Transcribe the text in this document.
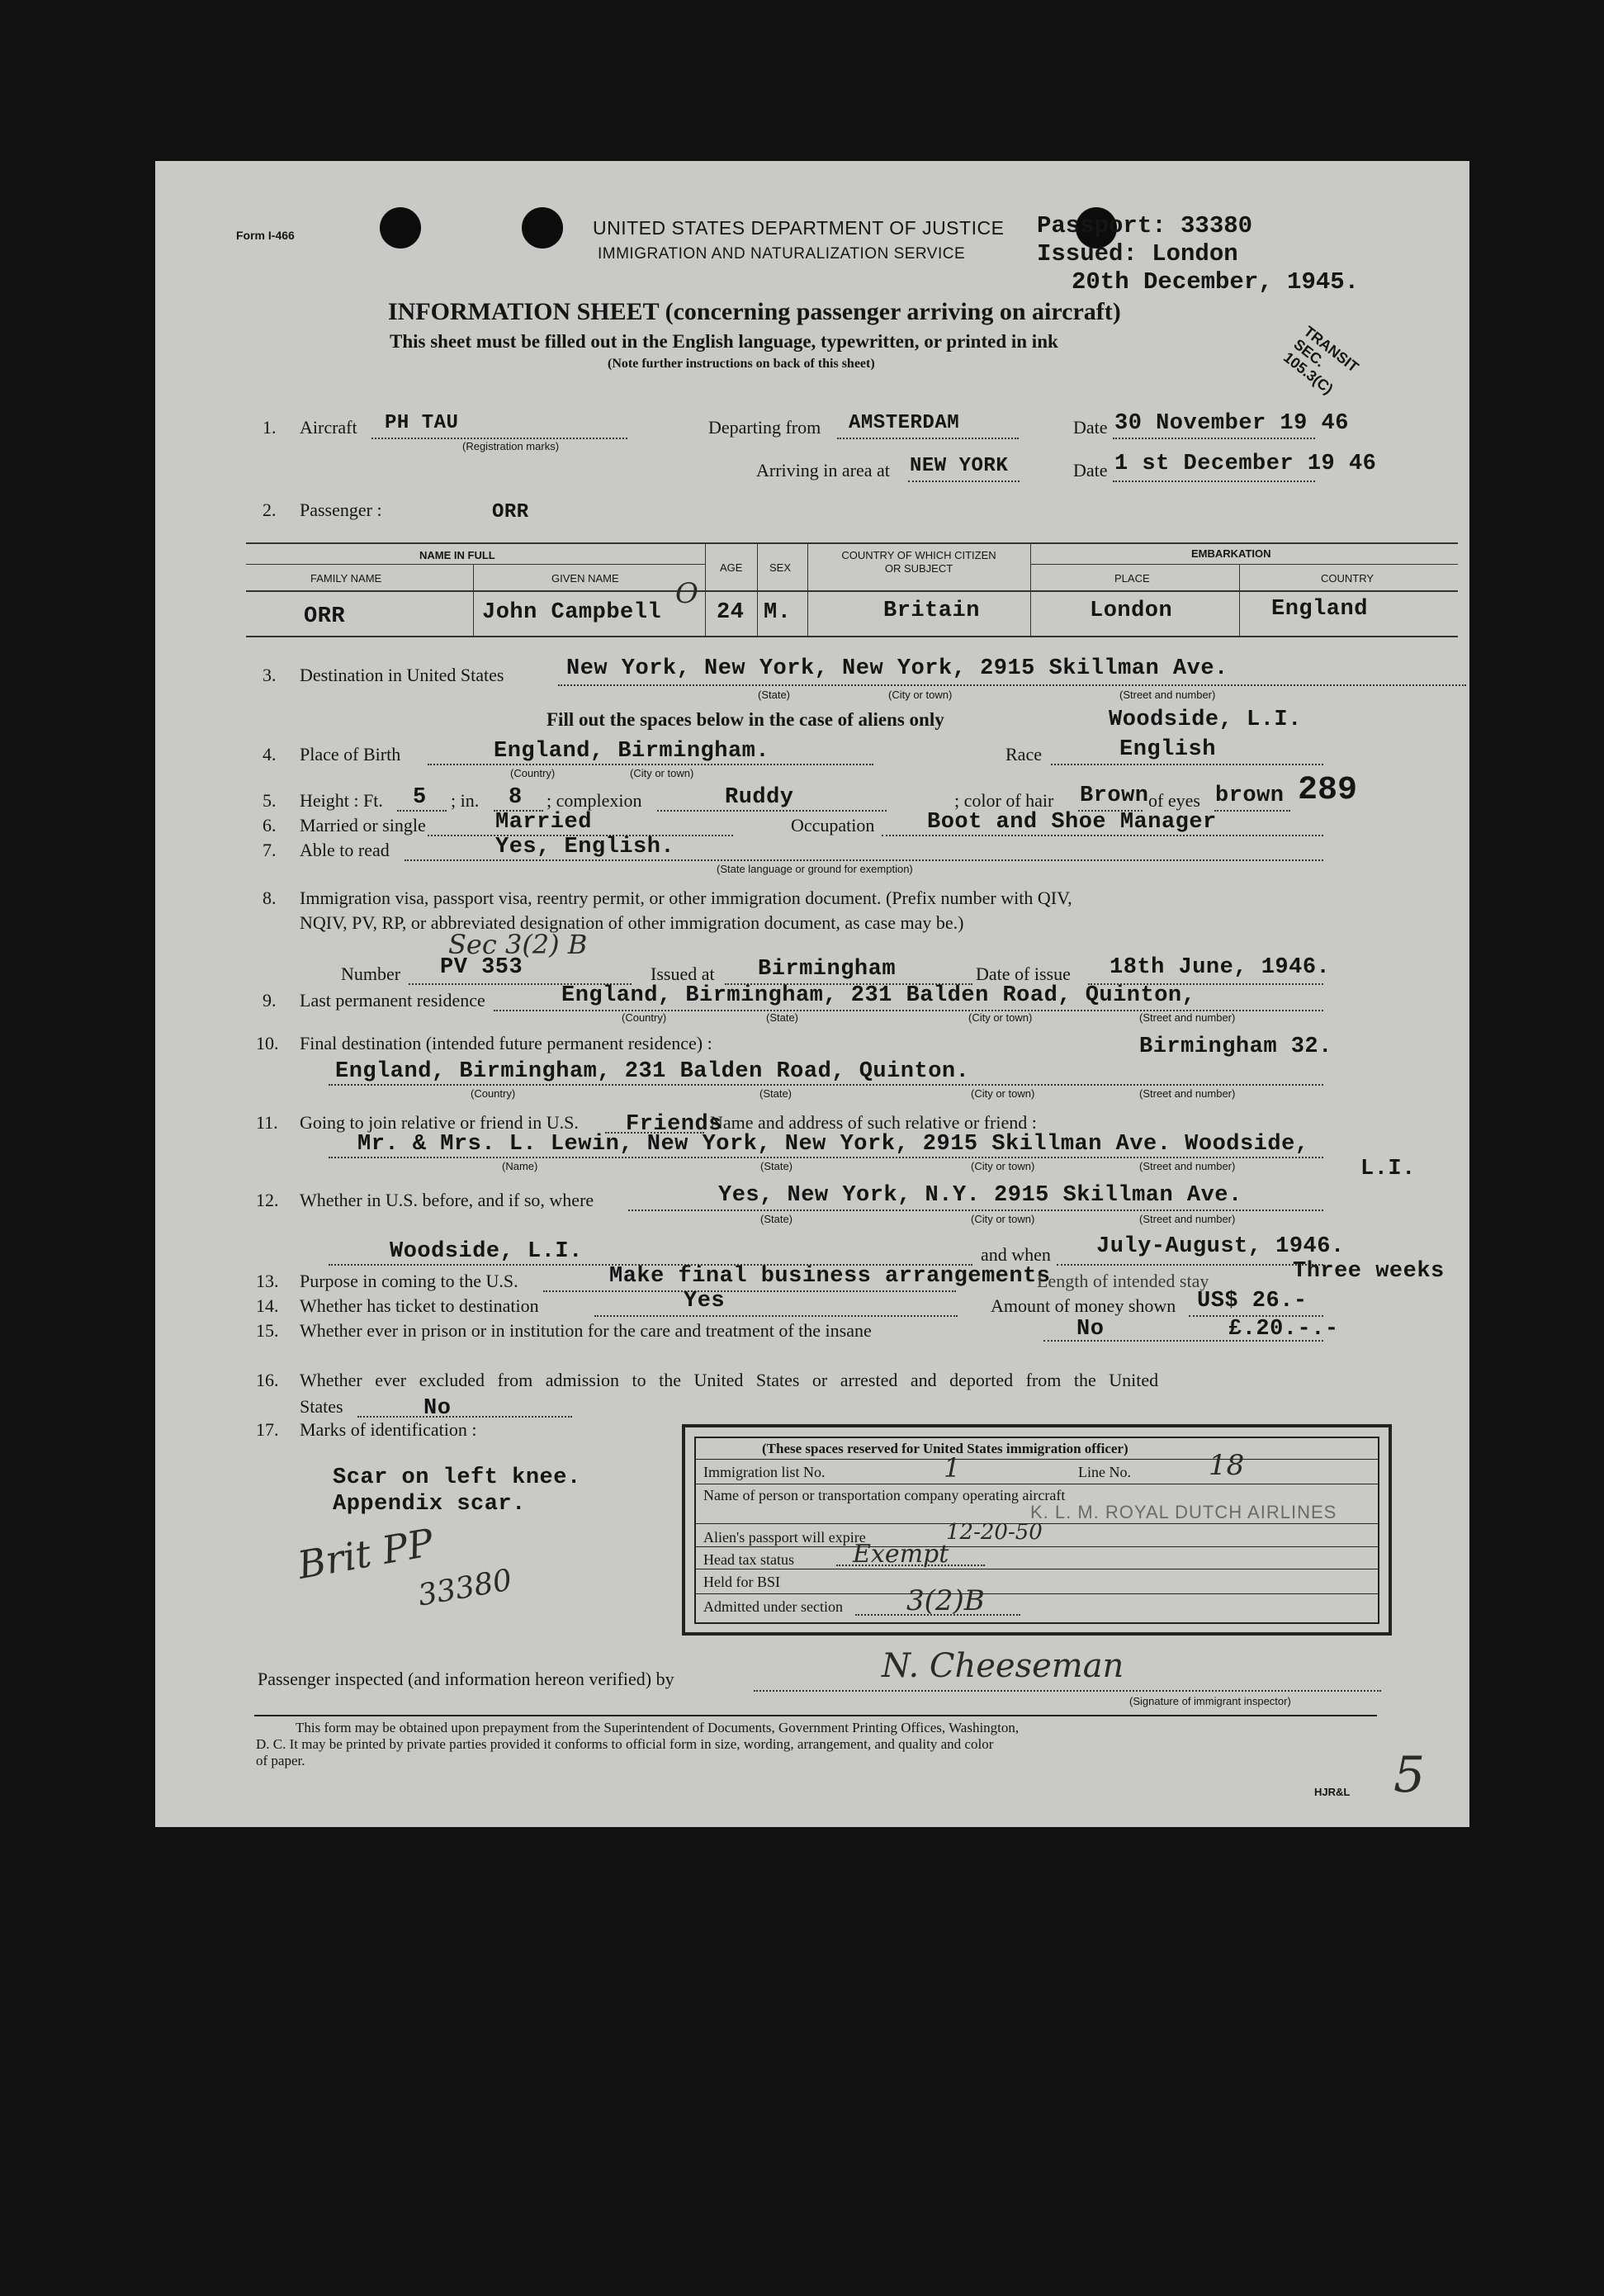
Form I-466	UNITED STATES DEPARTMENT OF JUSTICE
IMMIGRATION AND NATURALIZATION SERVICE
Passport: 33380
Issued: London
20th December, 1945.
INFORMATION SHEET (concerning passenger arriving on aircraft)
This sheet must be filled out in the English language, typewritten, or printed in ink
(Note further instructions on back of this sheet)	TRANSIT SEC. 105.3(C)
1. Aircraft PH TAU
(Registration marks)
Departing from AMSTERDAM	Date 30 November 19 46
Arriving in area at NEW YORK	Date 1 st December 19 46
2. Passenger :	ORR
NAME IN FULL
FAMILY NAME	GIVEN NAME
AGE	SEX
COUNTRY OF WHICH CITIZEN OR SUBJECT
EMBARKATION
PLACE	COUNTRY
ORR	John Campbell
O
24 M.	Britain	London	England
3. Destination in United States	New York, New York, New York, 2915 Skillman Ave.
(State)	(City or town)	(Street and number)
Fill out the spaces below in the case of aliens only	Woodside, L.I.
4. Place of Birth	England, Birmingham.
(Country)	(City or town)
Race	English
5. Height : Ft. 5 ; in. 8 ; complexion	Ruddy	; color of hair Brown of eyes brown 289
6. Married or single	Married	Occupation Boot and Shoe Manager
7. Able to read	Yes, English.
(State language or ground for exemption)
8. Immigration visa, passport visa, reentry permit, or other immigration document. (Prefix number with QIV,
NQIV, PV, RP, or abbreviated designation of other immigration document, as case may be.)
Sec 3(2) B
Number PV 353	Issued at Birmingham	Date of issue 18th June, 1946.
9. Last permanent residence	England, Birmingham, 231 Balden Road, Quinton,
(Country)	(State)	(City or town)	(Street and number)
10. Final destination (intended future permanent residence) :	Birmingham 32.
England, Birmingham, 231 Balden Road, Quinton.
(Country)	(State)	(City or town)	(Street and number)
11. Going to join relative or friend in U.S. Friends
Name and address of such relative or friend :
Mr. & Mrs. L. Lewin, New York, New York, 2915 Skillman Ave. Woodside,
L.I.
(Name)	(State)	(City or town)	(Street and number)
12. Whether in U.S. before, and if so, where	Yes, New York, N.Y. 2915 Skillman Ave.
(State)	(City or town)	(Street and number)
Woodside, L.I.	and when July-August, 1946.
13. Purpose in coming to the U.S.	Make final business arrangements
Length of intended stay	Three weeks
14. Whether has ticket to destination	Yes	Amount of money shown US$ 26.-
15. Whether ever in prison or in institution for the care and treatment of the insane	No	£.20.-.-
16. Whether ever excluded from admission to the United States or arrested and deported from the United
States	No
17. Marks of identification :
Scar on left knee.
Appendix scar.
Brit PP
33380
(These spaces reserved for United States immigration officer)
Immigration list No.	1	Line No.	18
Name of person or transportation company operating aircraft
K. L. M. ROYAL DUTCH AIRLINES
Alien's passport will expire	12-20-50
Head tax status Exempt
Held for BSI
Admitted under section 3(2)B
Passenger inspected (and information hereon verified) by	N. Cheeseman
(Signature of immigrant inspector)
This form may be obtained upon prepayment from the Superintendent of Documents, Government Printing Offices, Washington,
D. C. It may be printed by private parties provided it conforms to official form in size, wording, arrangement, and quality and color
of paper.
HJR&L 5
